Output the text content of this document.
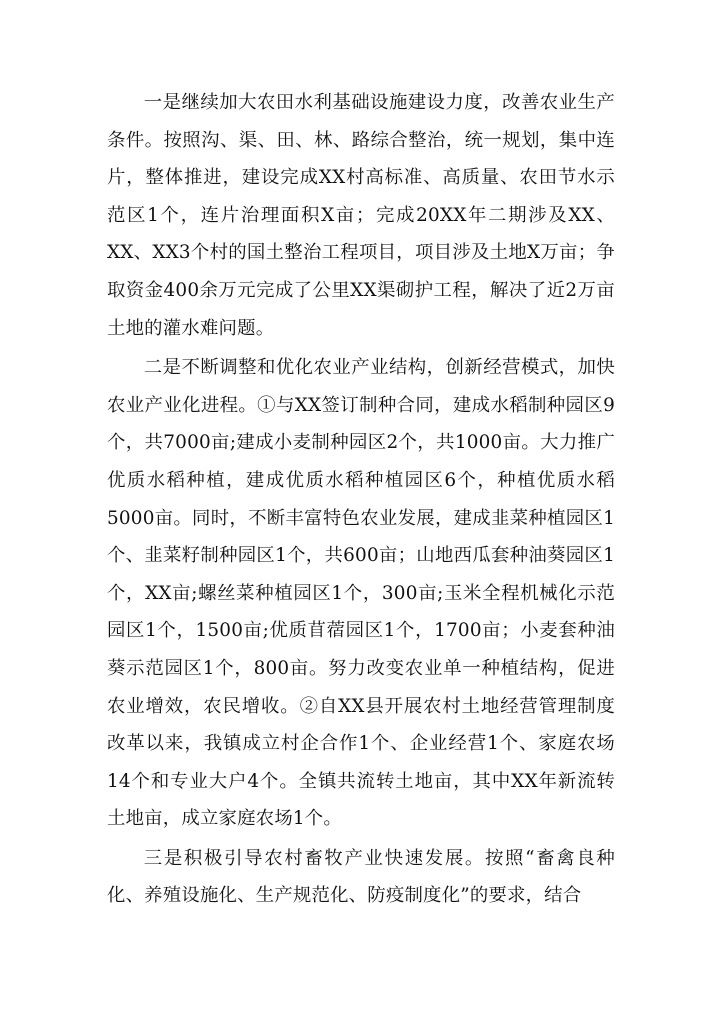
一是继续加大农田水利基础设施建设力度，改善农业生产条件。按照沟、渠、田、林、路综合整治，统一规划，集中连片，整体推进，建设完成XX村高标准、高质量、农田节水示范区1个，连片治理面积X亩；完成20XX年二期涉及XX、XX、XX3个村的国土整治工程项目，项目涉及土地X万亩；争取资金400余万元完成了公里XX渠砌护工程，解决了近2万亩土地的灌水难问题。

二是不断调整和优化农业产业结构，创新经营模式，加快农业产业化进程。①与XX签订制种合同，建成水稻制种园区9个，共7000亩;建成小麦制种园区2个，共1000亩。大力推广优质水稻种植，建成优质水稻种植园区6个，种植优质水稻5000亩。同时，不断丰富特色农业发展，建成韭菜种植园区1个、韭菜籽制种园区1个，共600亩；山地西瓜套种油葵园区1个，XX亩;螺丝菜种植园区1个，300亩;玉米全程机械化示范园区1个，1500亩;优质苜蓿园区1个，1700亩；小麦套种油葵示范园区1个，800亩。努力改变农业单一种植结构，促进农业增效，农民增收。②自XX县开展农村土地经营管理制度改革以来，我镇成立村企合作1个、企业经营1个、家庭农场14个和专业大户4个。全镇共流转土地亩，其中XX年新流转土地亩，成立家庭农场1个。

三是积极引导农村畜牧产业快速发展。按照“畜禽良种化、养殖设施化、生产规范化、防疫制度化”的要求，结合
